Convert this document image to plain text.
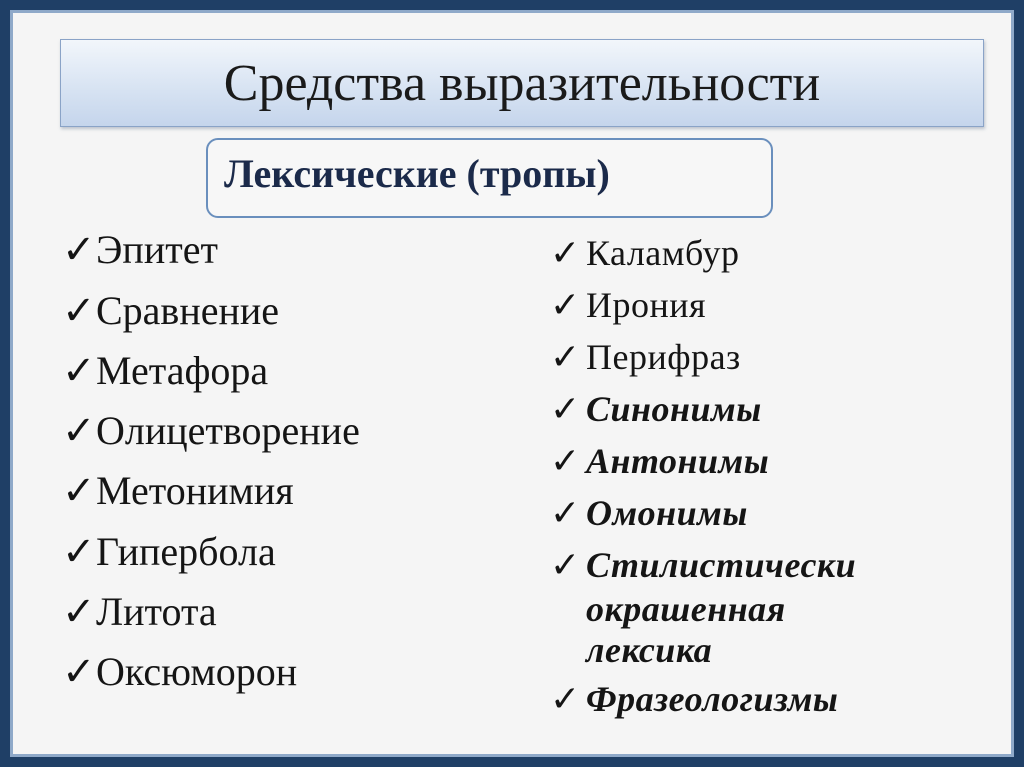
Средства выразительности
Лексические (тропы)
✓Эпитет
✓Сравнение
✓Метафора
✓Олицетворение
✓Метонимия
✓Гипербола
✓Литота
✓Оксюморон
✓ Каламбур
✓ Ирония
✓ Перифраз
✓ Синонимы
✓ Антонимы
✓ Омонимы
✓ Стилистически
окрашенная
лексика
✓ Фразеологизмы
